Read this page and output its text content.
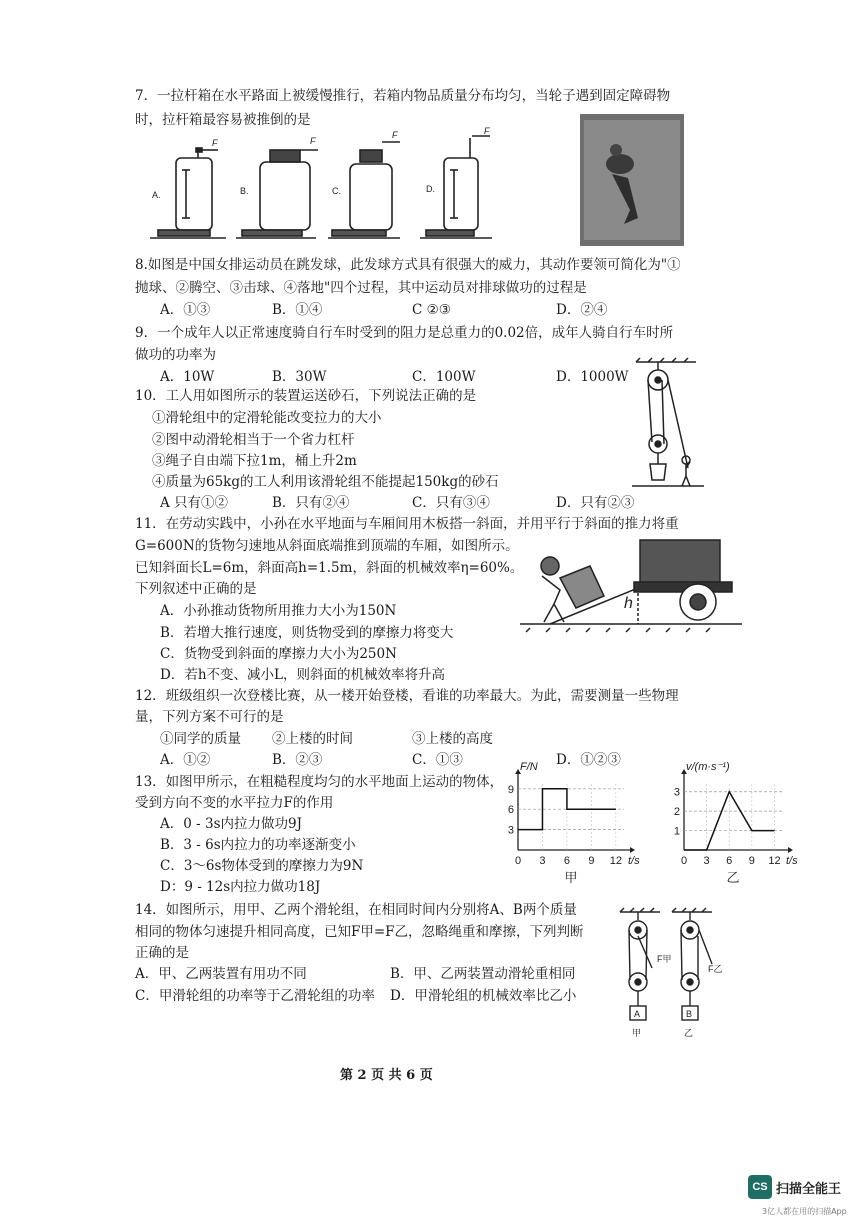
7．一拉杆箱在水平路面上被缓慢推行，若箱内物品质量分布均匀，当轮子遇到固定障碍物
时，拉杆箱最容易被推倒的是
A.	B.	C.	D.
F	F
F	F
8.如图是中国女排运动员在跳发球，此发球方式具有很强大的威力，其动作要领可简化为"①
抛球、②腾空、③击球、④落地"四个过程，其中运动员对排球做功的过程是
A．①③	B．①④	C ②③	D．②④
9．一个成年人以正常速度骑自行车时受到的阻力是总重力的0.02倍，成年人骑自行车时所
做功的功率为
A．10W	B．30W	C．100W	D．1000W
10．工人用如图所示的装置运送砂石，下列说法正确的是
①滑轮组中的定滑轮能改变拉力的大小
②图中动滑轮相当于一个省力杠杆
③绳子自由端下拉1m，桶上升2m
④质量为65kg的工人利用该滑轮组不能提起150kg的砂石
A 只有①②	B．只有②④	C．只有③④	D．只有②③
11．在劳动实践中，小孙在水平地面与车厢间用木板搭一斜面，并用平行于斜面的推力将重
G=600N的货物匀速地从斜面底端推到顶端的车厢，如图所示。
已知斜面长L=6m，斜面高h=1.5m，斜面的机械效率η=60%。
下列叙述中正确的是
A．小孙推动货物所用推力大小为150N
B．若增大推行速度，则货物受到的摩擦力将变大
C．货物受到斜面的摩擦力大小为250N
D．若h不变、减小L，则斜面的机械效率将升高
h
12．班级组织一次登楼比赛，从一楼开始登楼，看谁的功率最大。为此，需要测量一些物理
量，下列方案不可行的是
①同学的质量 ②上楼的时间	③上楼的高度
A．①②	B．②③	C．①③	D．①②③
13．如图甲所示，在粗糙程度均匀的水平地面上运动的物体，
受到方向不变的水平拉力F的作用
A．0 - 3s内拉力做功9J
B．3 - 6s内拉力的功率逐渐变小
C．3～6s物体受到的摩擦力为9N
D：9 - 12s内拉力做功18J
0 3 6 9 12
3
6
9
F/N
t/s
甲
0 3 6 9 12
1
2
3
v/(m·s⁻¹)
t/s
乙
14．如图所示，用甲、乙两个滑轮组，在相同时间内分别将A、B两个质量
相同的物体匀速提升相同高度，已知F甲=F乙，忽略绳重和摩擦，下列判断
正确的是
A．甲、乙两装置有用功不同	B．甲、乙两装置动滑轮重相同
C．甲滑轮组的功率等于乙滑轮组的功率 D．甲滑轮组的机械效率比乙小
F甲
F乙
A	B
甲	乙
第 2 页 共 6 页
CS 扫描全能王
3亿人都在用的扫描App
